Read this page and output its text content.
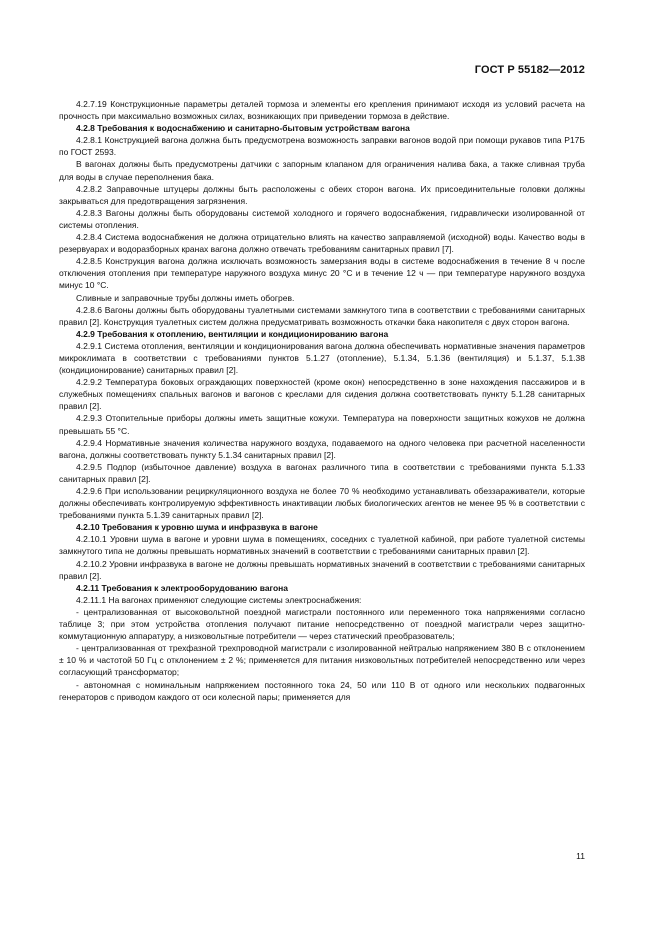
ГОСТ Р 55182—2012

4.2.7.19 Конструкционные параметры деталей тормоза и элементы его крепления принимают исходя из условий расчета на прочность при максимально возможных силах, возникающих при приведении тормоза в действие.

4.2.8 Требования к водоснабжению и санитарно-бытовым устройствам вагона

4.2.8.1 Конструкцией вагона должна быть предусмотрена возможность заправки вагонов водой при помощи рукавов типа Р17Б по ГОСТ 2593.

В вагонах должны быть предусмотрены датчики с запорным клапаном для ограничения налива бака, а также сливная труба для воды в случае переполнения бака.

4.2.8.2 Заправочные штуцеры должны быть расположены с обеих сторон вагона. Их присоединительные головки должны закрываться для предотвращения загрязнения.

4.2.8.3 Вагоны должны быть оборудованы системой холодного и горячего водоснабжения, гидравлически изолированной от системы отопления.

4.2.8.4 Система водоснабжения не должна отрицательно влиять на качество заправляемой (исходной) воды. Качество воды в резервуарах и водоразборных кранах вагона должно отвечать требованиям санитарных правил [7].

4.2.8.5 Конструкция вагона должна исключать возможность замерзания воды в системе водоснабжения в течение 8 ч после отключения отопления при температуре наружного воздуха минус 20 °С и в течение 12 ч — при температуре наружного воздуха минус 10 °С.

Сливные и заправочные трубы должны иметь обогрев.

4.2.8.6 Вагоны должны быть оборудованы туалетными системами замкнутого типа в соответствии с требованиями санитарных правил [2]. Конструкция туалетных систем должна предусматривать возможность откачки бака накопителя с двух сторон вагона.

4.2.9 Требования к отоплению, вентиляции и кондиционированию вагона

4.2.9.1 Система отопления, вентиляции и кондиционирования вагона должна обеспечивать нормативные значения параметров микроклимата в соответствии с требованиями пунктов 5.1.27 (отопление), 5.1.34, 5.1.36 (вентиляция) и 5.1.37, 5.1.38 (кондиционирование) санитарных правил [2].

4.2.9.2 Температура боковых ограждающих поверхностей (кроме окон) непосредственно в зоне нахождения пассажиров и в служебных помещениях спальных вагонов и вагонов с креслами для сидения должна соответствовать пункту 5.1.28 санитарных правил [2].

4.2.9.3 Отопительные приборы должны иметь защитные кожухи. Температура на поверхности защитных кожухов не должна превышать 55 °С.

4.2.9.4 Нормативные значения количества наружного воздуха, подаваемого на одного человека при расчетной населенности вагона, должны соответствовать пункту 5.1.34 санитарных правил [2].

4.2.9.5 Подпор (избыточное давление) воздуха в вагонах различного типа в соответствии с требованиями пункта 5.1.33 санитарных правил [2].

4.2.9.6 При использовании рециркуляционного воздуха не более 70 % необходимо устанавливать обеззараживатели, которые должны обеспечивать контролируемую эффективность инактивации любых биологических агентов не менее 95 % в соответствии с требованиями пункта 5.1.39 санитарных правил [2].

4.2.10 Требования к уровню шума и инфразвука в вагоне

4.2.10.1 Уровни шума в вагоне и уровни шума в помещениях, соседних с туалетной кабиной, при работе туалетной системы замкнутого типа не должны превышать нормативных значений в соответствии с требованиями санитарных правил [2].

4.2.10.2 Уровни инфразвука в вагоне не должны превышать нормативных значений в соответствии с требованиями санитарных правил [2].

4.2.11 Требования к электрооборудованию вагона

4.2.11.1 На вагонах применяют следующие системы электроснабжения:

- централизованная от высоковольтной поездной магистрали постоянного или переменного тока напряжениями согласно таблице 3; при этом устройства отопления получают питание непосредственно от поездной магистрали через защитно-коммутационную аппаратуру, а низковольтные потребители — через статический преобразователь;

- централизованная от трехфазной трехпроводной магистрали с изолированной нейтралью напряжением 380 В с отклонением ± 10 % и частотой 50 Гц с отклонением ± 2 %; применяется для питания низковольтных потребителей непосредственно или через согласующий трансформатор;

- автономная с номинальным напряжением постоянного тока 24, 50 или 110 В от одного или нескольких подвагонных генераторов с приводом каждого от оси колесной пары; применяется для

11
